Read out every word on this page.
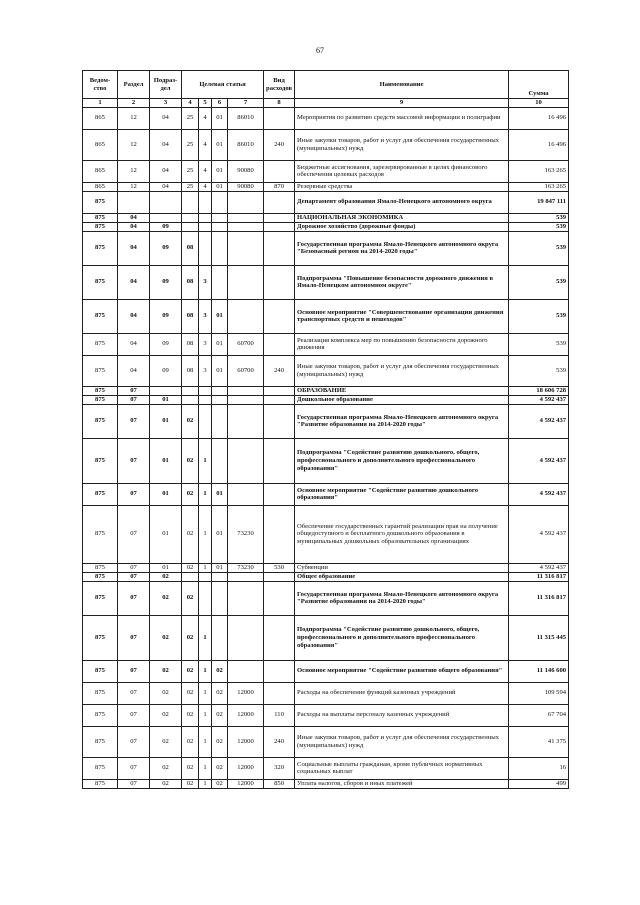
67
Ведом-ство	Раздел	Подраз-дел	Целевая статья				Вид расходов	Наименование	Сумма
1	2	3	4	5	6	7	8	9	10
865	12	04	25	4	01	86010		Мероприятия по развитию средств массовой информации и полиграфии	16 496
865	12	04	25	4	01	86010	240	Иные закупки товаров, работ и услуг для обеспечения государственных (муниципальных) нужд	16 496
865	12	04	25	4	01	90080		Бюджетные ассигнования, зарезервированные в целях финансового обеспечения целевых расходов	163 265
865	12	04	25	4	01	90080	870	Резервные средства	163 265
875								Департамент образования Ямало-Ненецкого автономного округа	19 847 111
875	04							НАЦИОНАЛЬНАЯ ЭКОНОМИКА	539
875	04	09						Дорожное хозяйство (дорожные фонды)	539
875	04	09	08					Государственная программа Ямало-Ненецкого автономного округа "Безопасный регион на 2014-2020 годы"	539
875	04	09	08	3				Подпрограмма "Повышение безопасности дорожного движения в Ямало-Ненецком автономном округе"	539
875	04	09	08	3	01			Основное мероприятие "Совершенствование организации движения транспортных средств и пешеходов"	539
875	04	09	08	3	01	60700		Реализация комплекса мер по повышению безопасности дорожного движения	539
875	04	09	08	3	01	60700	240	Иные закупки товаров, работ и услуг для обеспечения государственных (муниципальных) нужд	539
875	07							ОБРАЗОВАНИЕ	18 606 728
875	07	01						Дошкольное образование	4 592 437
875	07	01	02					Государственная программа Ямало-Ненецкого автономного округа "Развитие образования на 2014-2020 годы"	4 592 437
875	07	01	02	1				Подпрограмма "Содействие развитию дошкольного, общего, профессионального и дополнительного профессионального образования"	4 592 437
875	07	01	02	1	01			Основное мероприятие "Содействие развитию дошкольного образования"	4 592 437
875	07	01	02	1	01	73230		Обеспечение государственных гарантий реализации прав на получение общедоступного и бесплатного дошкольного образования в муниципальных дошкольных образовательных организациях	4 592 437
875	07	01	02	1	01	73230	530	Субвенции	4 592 437
875	07	02						Общее образование	11 316 817
875	07	02	02					Государственная программа Ямало-Ненецкого автономного округа "Развитие образования на 2014-2020 годы"	11 316 817
875	07	02	02	1				Подпрограмма "Содействие развитию дошкольного, общего, профессионального и дополнительного профессионального образования"	11 315 445
875	07	02	02	1	02			Основное мероприятие "Содействие развитию общего образования"	11 146 600
875	07	02	02	1	02	12000		Расходы на обеспечение функций казенных учреждений	109 594
875	07	02	02	1	02	12000	110	Расходы на выплаты персоналу казенных учреждений	67 704
875	07	02	02	1	02	12000	240	Иные закупки товаров, работ и услуг для обеспечения государственных (муниципальных) нужд	41 375
875	07	02	02	1	02	12000	320	Социальные выплаты гражданам, кроме публичных нормативных социальных выплат	16
875	07	02	02	1	02	12000	850	Уплата налогов, сборов и иных платежей	499
